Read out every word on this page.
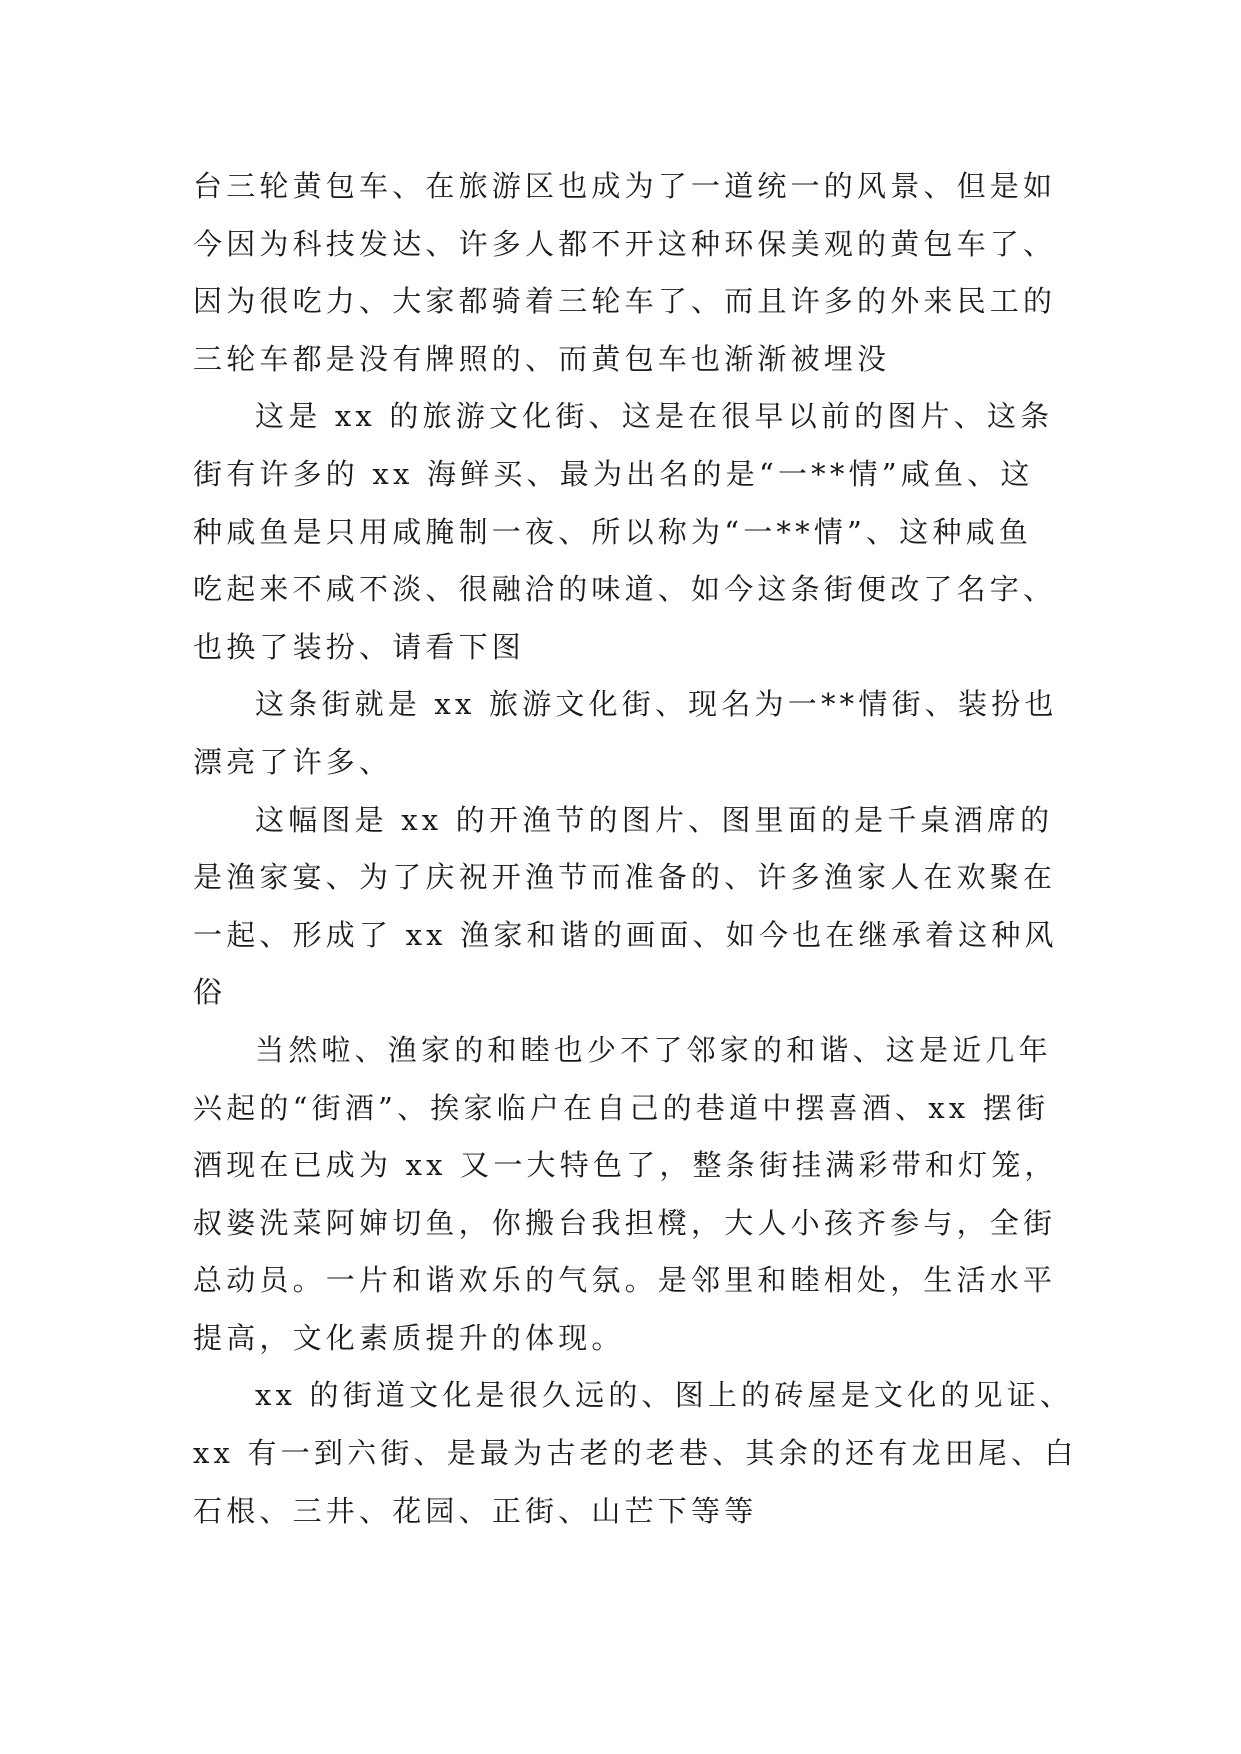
台三轮黄包车、在旅游区也成为了一道统一的风景、但是如
今因为科技发达、许多人都不开这种环保美观的黄包车了、
因为很吃力、大家都骑着三轮车了、而且许多的外来民工的
三轮车都是没有牌照的、而黄包车也渐渐被埋没
这是 xx 的旅游文化街、这是在很早以前的图片、这条
街有许多的 xx 海鲜买、最为出名的是“一**情”咸鱼、这
种咸鱼是只用咸腌制一夜、所以称为“一**情”、这种咸鱼
吃起来不咸不淡、很融洽的味道、如今这条街便改了名字、
也换了装扮、请看下图
这条街就是 xx 旅游文化街、现名为一**情街、装扮也
漂亮了许多、
这幅图是 xx 的开渔节的图片、图里面的是千桌酒席的
是渔家宴、为了庆祝开渔节而准备的、许多渔家人在欢聚在
一起、形成了 xx 渔家和谐的画面、如今也在继承着这种风
俗
当然啦、渔家的和睦也少不了邻家的和谐、这是近几年
兴起的“街酒”、挨家临户在自己的巷道中摆喜酒、xx 摆街
酒现在已成为 xx 又一大特色了，整条街挂满彩带和灯笼，
叔婆洗菜阿婶切鱼，你搬台我担櫈，大人小孩齐参与，全街
总动员。一片和谐欢乐的气氛。是邻里和睦相处，生活水平
提高，文化素质提升的体现。
xx 的街道文化是很久远的、图上的砖屋是文化的见证、
xx 有一到六街、是最为古老的老巷、其余的还有龙田尾、白
石根、三井、花园、正街、山芒下等等
